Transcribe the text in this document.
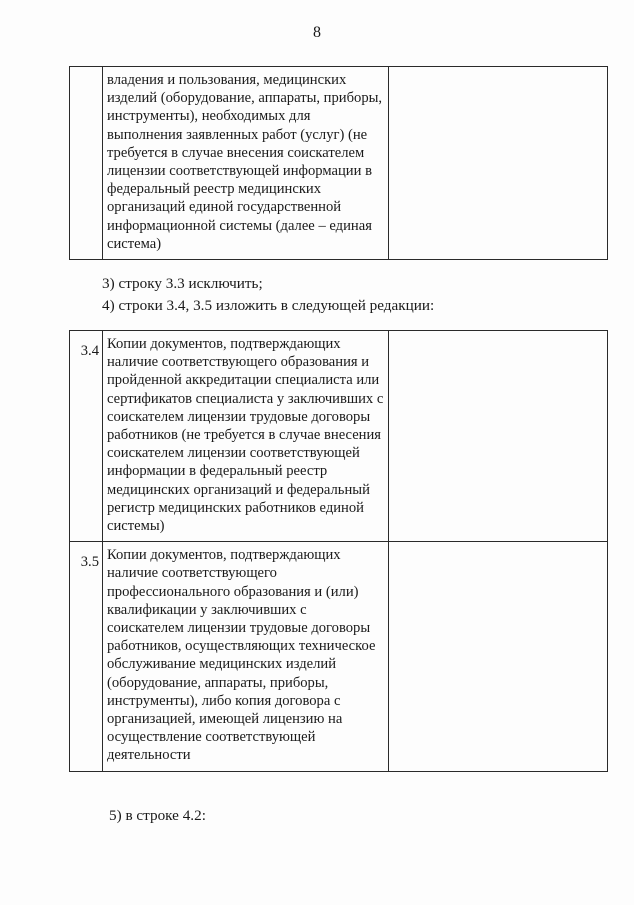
8
	владения и пользования, медицинских изделий (оборудование, аппараты, приборы, инструменты), необходимых для выполнения заявленных работ (услуг) (не требуется в случае внесения соискателем лицензии соответствующей информации в федеральный реестр медицинских организаций единой государственной информационной системы (далее – единая система)	
3) строку 3.3 исключить;
4) строки 3.4, 3.5 изложить в следующей редакции:
3.4	Копии документов, подтверждающих наличие соответствующего образования и пройденной аккредитации специалиста или сертификатов специалиста у заключивших с соискателем лицензии трудовые договоры работников (не требуется в случае внесения соискателем лицензии соответствующей информации в федеральный реестр медицинских организаций и федеральный регистр медицинских работников единой системы)	
3.5	Копии документов, подтверждающих наличие соответствующего профессионального образования и (или) квалификации у заключивших с соискателем лицензии трудовые договоры работников, осуществляющих техническое обслуживание медицинских изделий (оборудование, аппараты, приборы, инструменты), либо копия договора с организацией, имеющей лицензию на осуществление соответствующей деятельности	
5) в строке 4.2:
